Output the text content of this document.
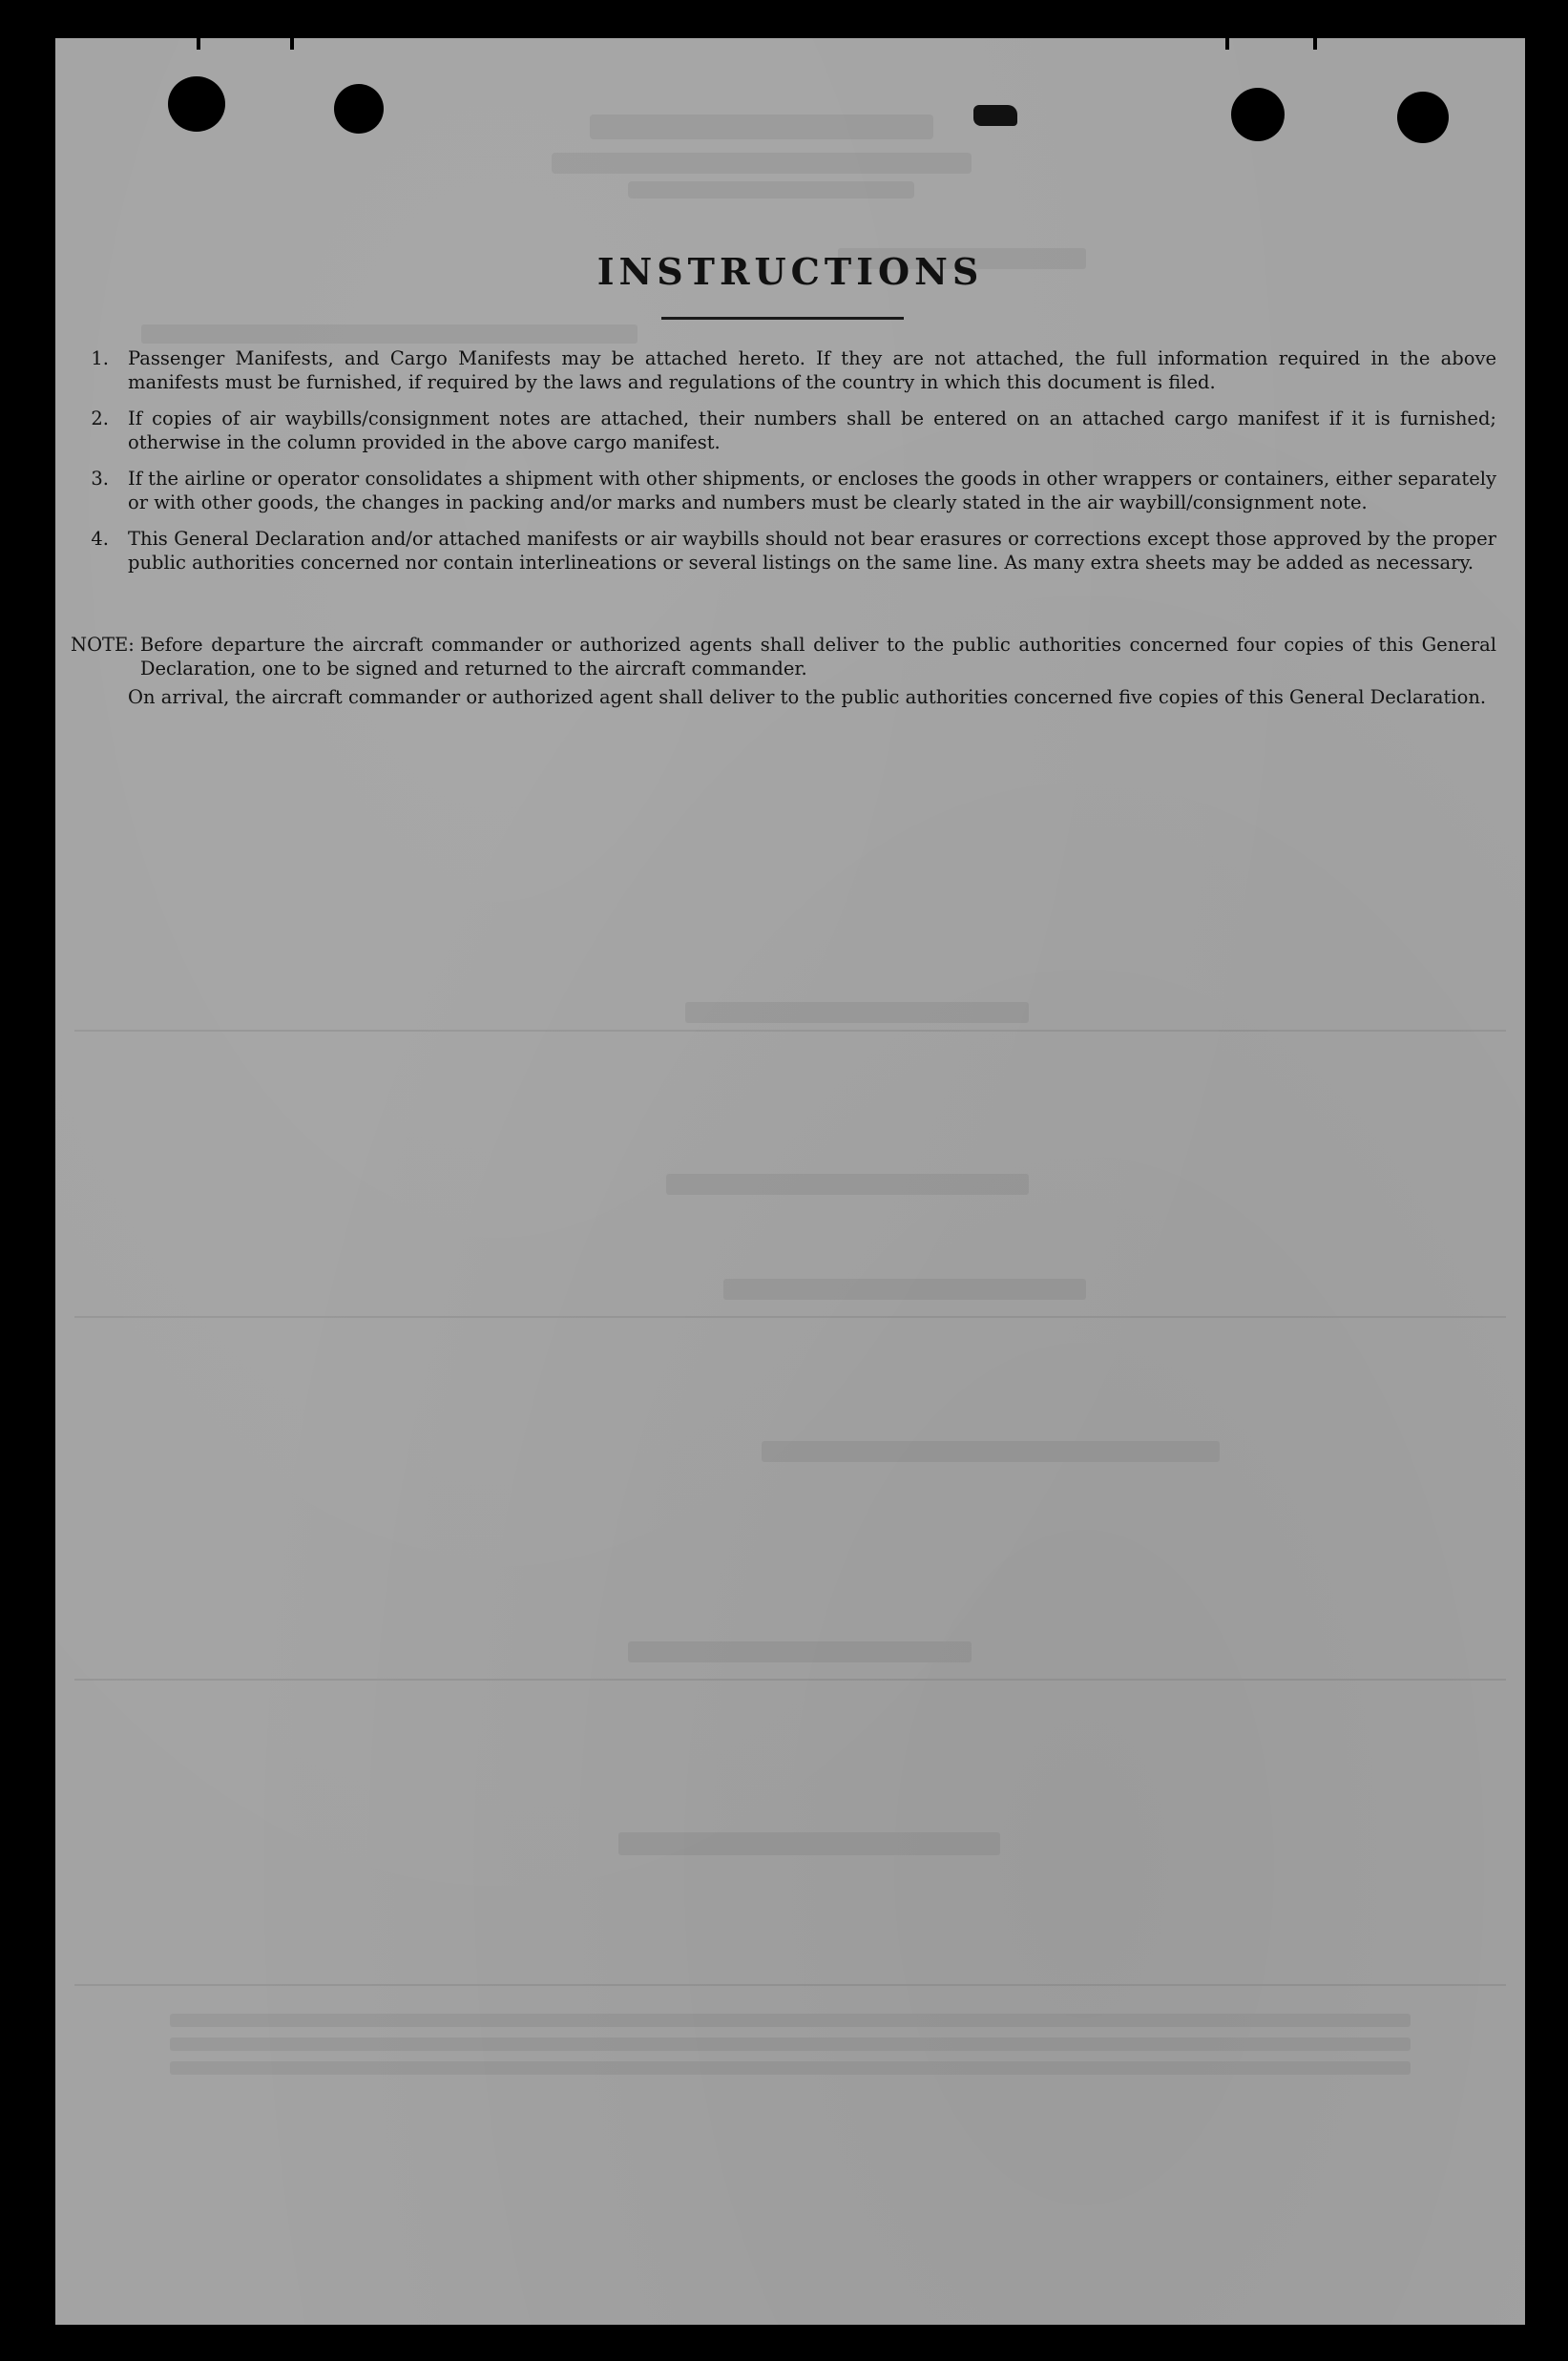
INSTRUCTIONS
1. Passenger Manifests, and Cargo Manifests may be attached hereto. If they are not attached, the full information required in the above manifests must be furnished, if required by the laws and regulations of the country in which this document is filed.
2. If copies of air waybills/consignment notes are attached, their numbers shall be entered on an attached cargo manifest if it is furnished; otherwise in the column provided in the above cargo manifest.
3. If the airline or operator consolidates a shipment with other shipments, or encloses the goods in other wrappers or containers, either separately or with other goods, the changes in packing and/or marks and numbers must be clearly stated in the air waybill/consignment note.
4. This General Declaration and/or attached manifests or air waybills should not bear erasures or corrections except those approved by the proper public authorities concerned nor contain interlineations or several listings on the same line. As many extra sheets may be added as necessary.
NOTE: Before departure the aircraft commander or authorized agents shall deliver to the public authorities concerned four copies of this General Declaration, one to be signed and returned to the aircraft commander.
On arrival, the aircraft commander or authorized agent shall deliver to the public authorities concerned five copies of this General Declaration.
